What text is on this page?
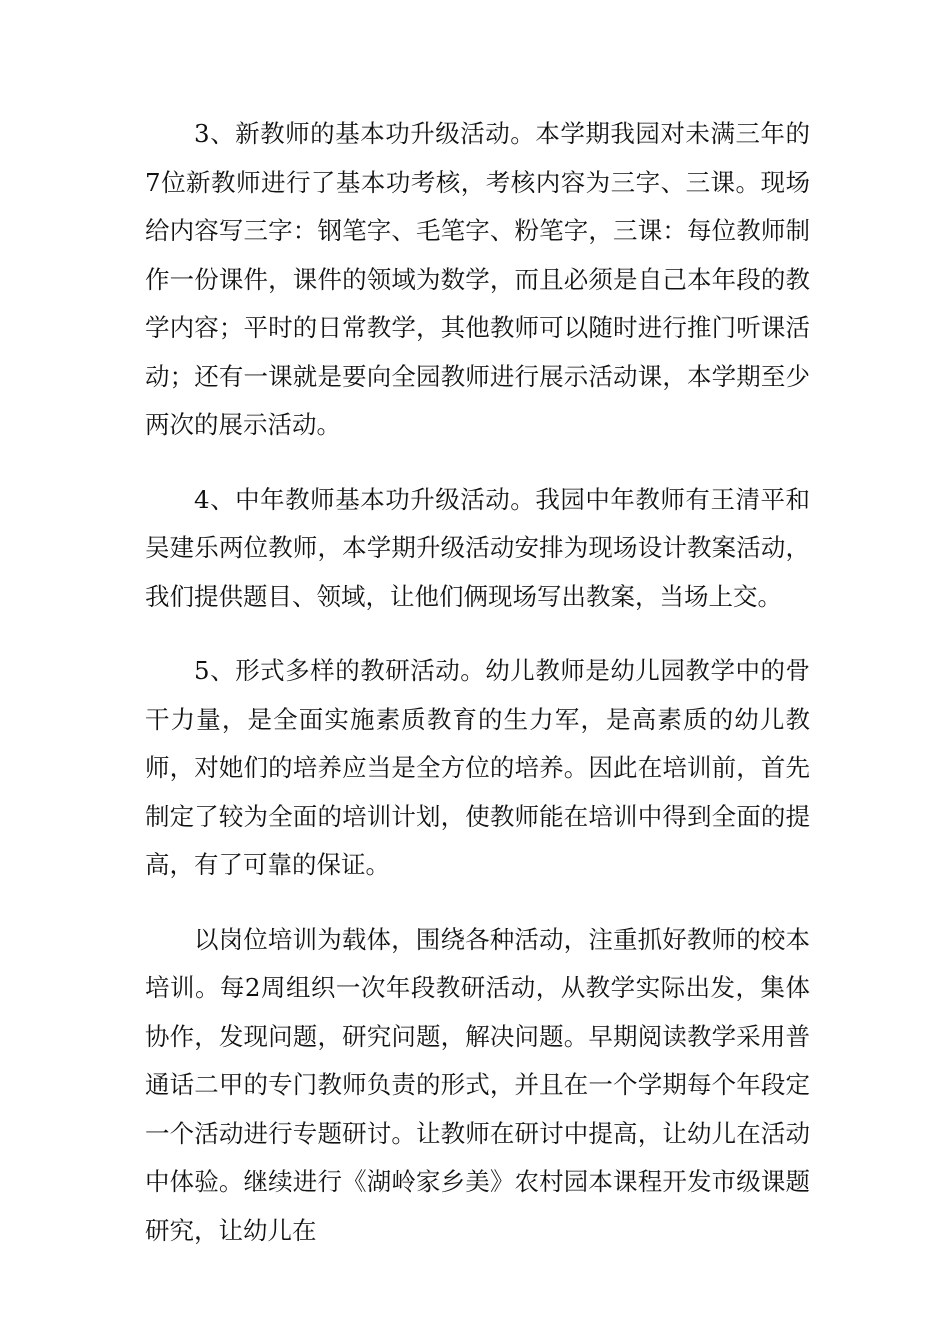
3、新教师的基本功升级活动。本学期我园对未满三年的7位新教师进行了基本功考核，考核内容为三字、三课。现场给内容写三字：钢笔字、毛笔字、粉笔字，三课：每位教师制作一份课件，课件的领域为数学，而且必须是自己本年段的教学内容；平时的日常教学，其他教师可以随时进行推门听课活动；还有一课就是要向全园教师进行展示活动课，本学期至少两次的展示活动。

4、中年教师基本功升级活动。我园中年教师有王清平和吴建乐两位教师，本学期升级活动安排为现场设计教案活动，我们提供题目、领域，让他们俩现场写出教案，当场上交。

5、形式多样的教研活动。幼儿教师是幼儿园教学中的骨干力量，是全面实施素质教育的生力军，是高素质的幼儿教师，对她们的培养应当是全方位的培养。因此在培训前，首先制定了较为全面的培训计划，使教师能在培训中得到全面的提高，有了可靠的保证。

以岗位培训为载体，围绕各种活动，注重抓好教师的校本培训。每2周组织一次年段教研活动，从教学实际出发，集体协作，发现问题，研究问题，解决问题。早期阅读教学采用普通话二甲的专门教师负责的形式，并且在一个学期每个年段定一个活动进行专题研讨。让教师在研讨中提高，让幼儿在活动中体验。继续进行《湖岭家乡美》农村园本课程开发市级课题研究，让幼儿在
